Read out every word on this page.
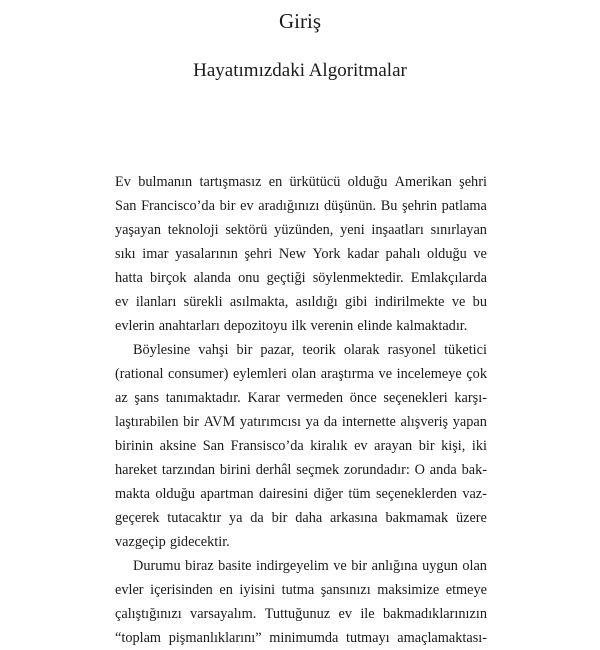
Giriş
Hayatımızdaki Algoritmalar
Ev bulmanın tartışmasız en ürkütücü olduğu Amerikan şehri
San Francisco’da bir ev aradığınızı düşünün. Bu şehrin patlama
yaşayan teknoloji sektörü yüzünden, yeni inşaatları sınırlayan
sıkı imar yasalarının şehri New York kadar pahalı olduğu ve
hatta birçok alanda onu geçtiği söylenmektedir. Emlakçılarda
ev ilanları sürekli asılmakta, asıldığı gibi indirilmekte ve bu
evlerin anahtarları depozitoyu ilk verenin elinde kalmaktadır.
Böylesine vahşi bir pazar, teorik olarak rasyonel tüketici
(rational consumer) eylemleri olan araştırma ve incelemeye çok
az şans tanımaktadır. Karar vermeden önce seçenekleri karşı-
laştırabilen bir AVM yatırımcısı ya da internette alışveriş yapan
birinin aksine San Fransisco’da kiralık ev arayan bir kişi, iki
hareket tarzından birini derhâl seçmek zorundadır: O anda bak-
makta olduğu apartman dairesini diğer tüm seçeneklerden vaz-
geçerek tutacaktır ya da bir daha arkasına bakmamak üzere
vazgeçip gidecektir.
Durumu biraz basite indirgeyelim ve bir anlığına uygun olan
evler içerisinden en iyisini tutma şansınızı maksimize etmeye
çalıştığınızı varsayalım. Tuttuğunuz ev ile bakmadıklarınızın
“toplam pişmanlıklarını” minimumda tutmayı amaçlamaktası-
